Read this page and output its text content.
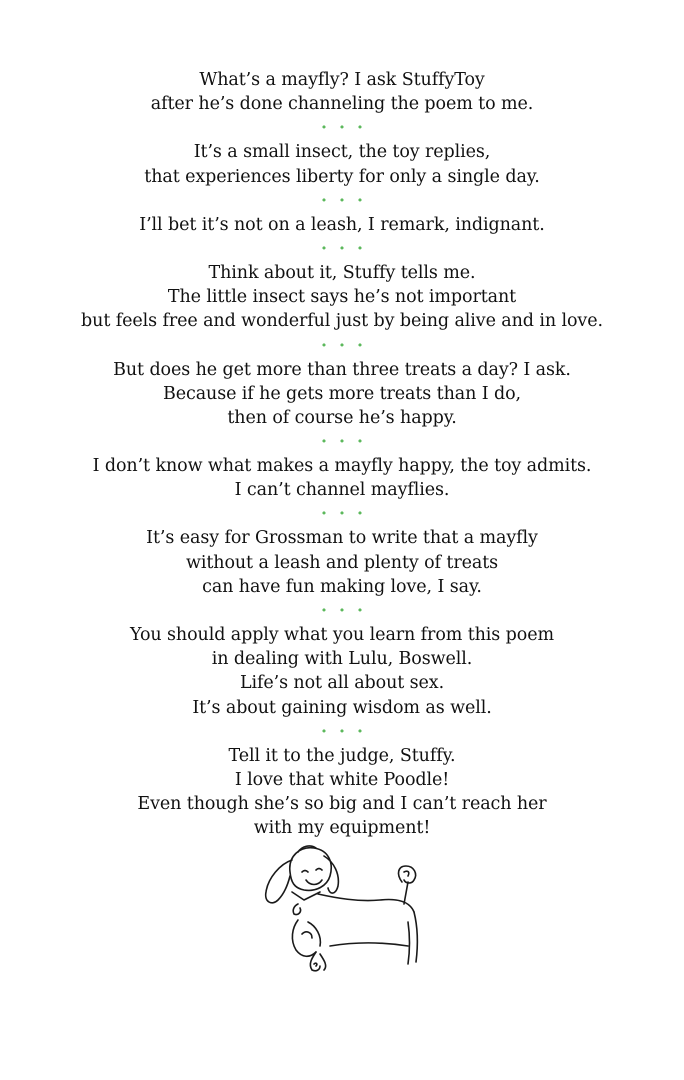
What’s a mayfly? I ask StuffyToy
after he’s done channeling the poem to me.
• • •
It’s a small insect, the toy replies,
that experiences liberty for only a single day.
• • •
I’ll bet it’s not on a leash, I remark, indignant.
• • •
Think about it, Stuffy tells me.
The little insect says he’s not important
but feels free and wonderful just by being alive and in love.
• • •
But does he get more than three treats a day? I ask.
Because if he gets more treats than I do,
then of course he’s happy.
• • •
I don’t know what makes a mayfly happy, the toy admits.
I can’t channel mayflies.
• • •
It’s easy for Grossman to write that a mayfly
without a leash and plenty of treats
can have fun making love, I say.
• • •
You should apply what you learn from this poem
in dealing with Lulu, Boswell.
Life’s not all about sex.
It’s about gaining wisdom as well.
• • •
Tell it to the judge, Stuffy.
I love that white Poodle!
Even though she’s so big and I can’t reach her
with my equipment!
